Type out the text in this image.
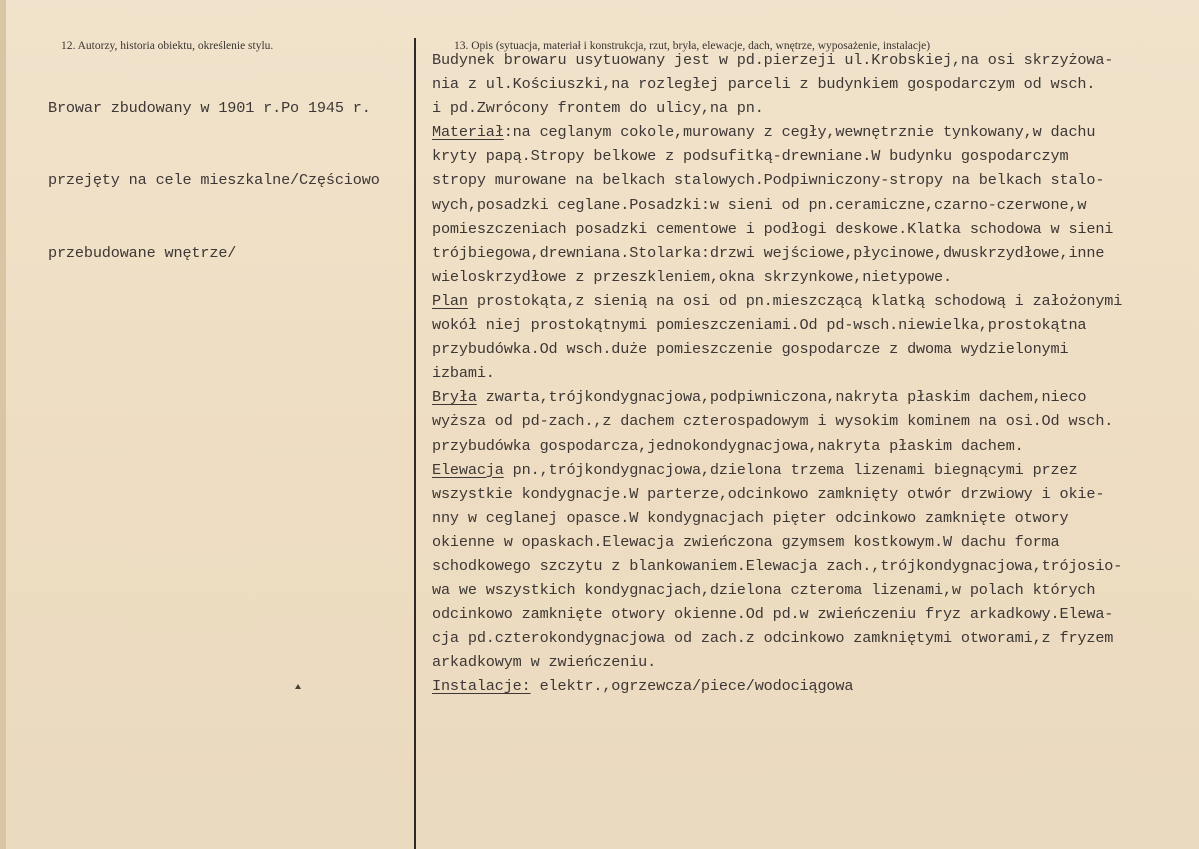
12. Autorzy, historia obiektu, określenie stylu.	13. Opis (sytuacja, materiał i konstrukcja, rzut, bryła, elewacje, dach, wnętrze, wyposażenie, instalacje)

Browar zbudowany w 1901 r.Po 1945 r.

przejęty na cele mieszkalne/Częściowo

przebudowane wnętrze/

Budynek browaru usytuowany jest w pd.pierzeji ul.Krobskiej,na osi skrzyżowa-
nia z ul.Kościuszki,na rozległej parceli z budynkiem gospodarczym od wsch.
i pd.Zwrócony frontem do ulicy,na pn.
Materiał:na ceglanym cokole,murowany z cegły,wewnętrznie tynkowany,w dachu
kryty papą.Stropy belkowe z podsufitką-drewniane.W budynku gospodarczym
stropy murowane na belkach stalowych.Podpiwniczony-stropy na belkach stalo-
wych,posadzki ceglane.Posadzki:w sieni od pn.ceramiczne,czarno-czerwone,w
pomieszczeniach posadzki cementowe i podłogi deskowe.Klatka schodowa w sieni
trójbiegowa,drewniana.Stolarka:drzwi wejściowe,płycinowe,dwuskrzydłowe,inne
wieloskrzydłowe z przeszkleniem,okna skrzynkowe,nietypowe.
Plan prostokąta,z sienią na osi od pn.mieszczącą klatką schodową i założonymi
wokół niej prostokątnymi pomieszczeniami.Od pd-wsch.niewielka,prostokątna
przybudówka.Od wsch.duże pomieszczenie gospodarcze z dwoma wydzielonymi
izbami.
Bryła zwarta,trójkondygnacjowa,podpiwniczona,nakryta płaskim dachem,nieco
wyższa od pd-zach.,z dachem czterospadowym i wysokim kominem na osi.Od wsch.
przybudówka gospodarcza,jednokondygnacjowa,nakryta płaskim dachem.
Elewacja pn.,trójkondygnacjowa,dzielona trzema lizenami biegnącymi przez
wszystkie kondygnacje.W parterze,odcinkowo zamknięty otwór drzwiowy i okie-
nny w ceglanej opasce.W kondygnacjach pięter odcinkowo zamknięte otwory
okienne w opaskach.Elewacja zwieńczona gzymsem kostkowym.W dachu forma
schodkowego szczytu z blankowaniem.Elewacja zach.,trójkondygnacjowa,trójosio-
wa we wszystkich kondygnacjach,dzielona czteroma lizenami,w polach których
odcinkowo zamknięte otwory okienne.Od pd.w zwieńczeniu fryz arkadkowy.Elewa-
cja pd.czterokondygnacjowa od zach.z odcinkowo zamkniętymi otworami,z fryzem
arkadkowym w zwieńczeniu.
Instalacje: elektr.,ogrzewcza/piece/wodociągowa
